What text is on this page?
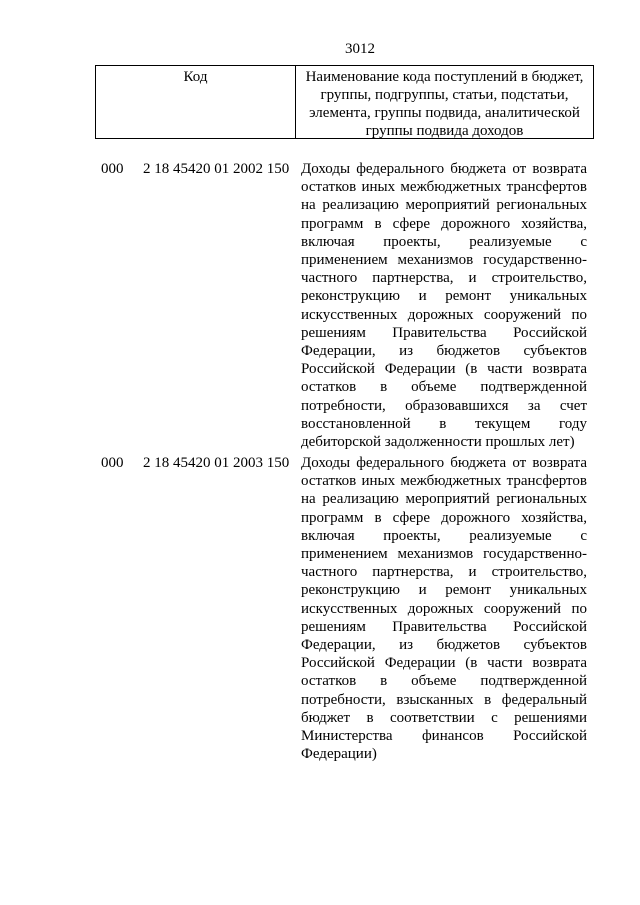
3012
Код	Наименование кода поступлений в бюджет, группы, подгруппы, статьи, подстатьи, элемента, группы подвида, аналитической группы подвида доходов
000 2 18 45420 01 2002 150 Доходы федерального бюджета от возврата остатков иных межбюджетных трансфертов на реализацию мероприятий региональных программ в сфере дорожного хозяйства, включая проекты, реализуемые с применением механизмов государственно-частного партнерства, и строительство, реконструкцию и ремонт уникальных искусственных дорожных сооружений по решениям Правительства Российской Федерации, из бюджетов субъектов Российской Федерации (в части возврата остатков в объеме подтвержденной потребности, образовавшихся за счет восстановленной в текущем году дебиторской задолженности прошлых лет)
000 2 18 45420 01 2003 150 Доходы федерального бюджета от возврата остатков иных межбюджетных трансфертов на реализацию мероприятий региональных программ в сфере дорожного хозяйства, включая проекты, реализуемые с применением механизмов государственно-частного партнерства, и строительство, реконструкцию и ремонт уникальных искусственных дорожных сооружений по решениям Правительства Российской Федерации, из бюджетов субъектов Российской Федерации (в части возврата остатков в объеме подтвержденной потребности, взысканных в федеральный бюджет в соответствии с решениями Министерства финансов Российской Федерации)
